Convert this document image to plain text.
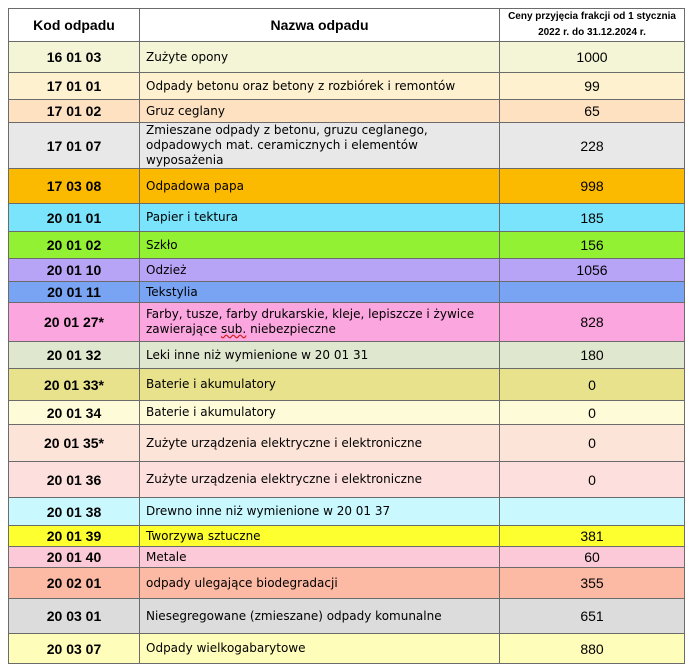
Kod odpadu	Nazwa odpadu	Ceny przyjęcia frakcji od 1 stycznia
2022 r. do 31.12.2024 r.

16 01 03	Zużyte opony	1000
17 01 01	Odpady betonu oraz betony z rozbiórek i remontów	99
17 01 02	Gruz ceglany	65
17 01 07	Zmieszane odpady z betonu, gruzu ceglanego, odpadowych mat. ceramicznych i elementów wyposażenia	228
17 03 08	Odpadowa papa	998
20 01 01	Papier i tektura	185
20 01 02	Szkło	156
20 01 10	Odzież	1056
20 01 11	Tekstylia	
20 01 27*	Farby, tusze, farby drukarskie, kleje, lepiszcze i żywice zawierające sub. niebezpieczne	828
20 01 32	Leki inne niż wymienione w 20 01 31	180
20 01 33*	Baterie i akumulatory	0
20 01 34	Baterie i akumulatory	0
20 01 35*	Zużyte urządzenia elektryczne i elektroniczne	0
20 01 36	Zużyte urządzenia elektryczne i elektroniczne	0
20 01 38	Drewno inne niż wymienione w 20 01 37	
20 01 39	Tworzywa sztuczne	381
20 01 40	Metale	60
20 02 01	odpady ulegające biodegradacji	355
20 03 01	Niesegregowane (zmieszane) odpady komunalne	651
20 03 07	Odpady wielkogabarytowe	880
